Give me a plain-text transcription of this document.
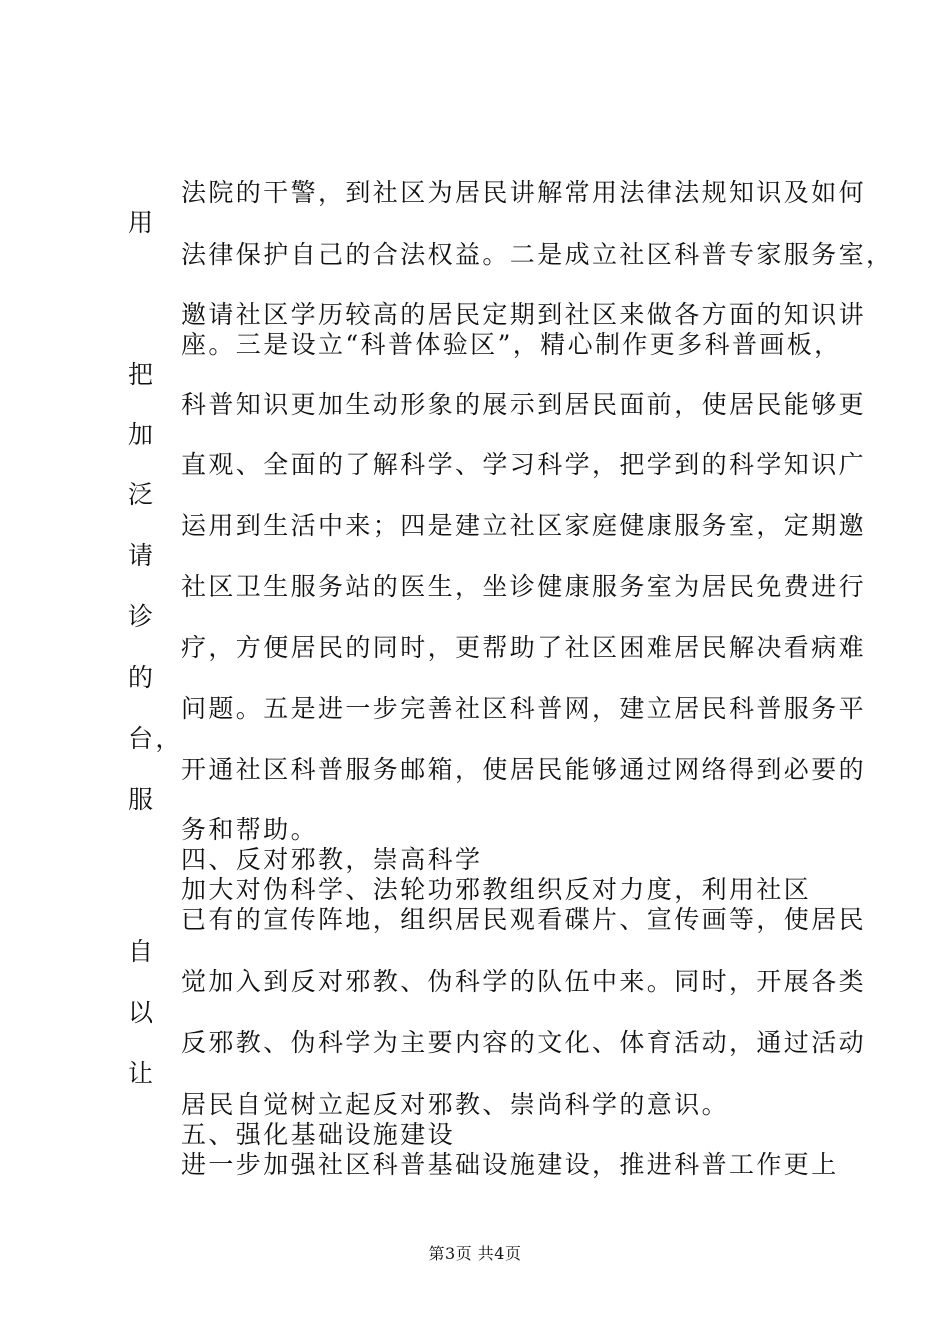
法院的干警，到社区为居民讲解常用法律法规知识及如何
用
法律保护自己的合法权益。二是成立社区科普专家服务室，
邀请社区学历较高的居民定期到社区来做各方面的知识讲
座。三是设立“科普体验区”，精心制作更多科普画板，
把
科普知识更加生动形象的展示到居民面前，使居民能够更
加
直观、全面的了解科学、学习科学，把学到的科学知识广
泛
运用到生活中来；四是建立社区家庭健康服务室，定期邀
请
社区卫生服务站的医生，坐诊健康服务室为居民免费进行
诊
疗，方便居民的同时，更帮助了社区困难居民解决看病难
的
问题。五是进一步完善社区科普网，建立居民科普服务平
台，
开通社区科普服务邮箱，使居民能够通过网络得到必要的
服
务和帮助。
四、反对邪教，崇高科学
加大对伪科学、法轮功邪教组织反对力度，利用社区
已有的宣传阵地，组织居民观看碟片、宣传画等，使居民
自
觉加入到反对邪教、伪科学的队伍中来。同时，开展各类
以
反邪教、伪科学为主要内容的文化、体育活动，通过活动
让
居民自觉树立起反对邪教、崇尚科学的意识。
五、强化基础设施建设
进一步加强社区科普基础设施建设，推进科普工作更上
第3页 共4页
